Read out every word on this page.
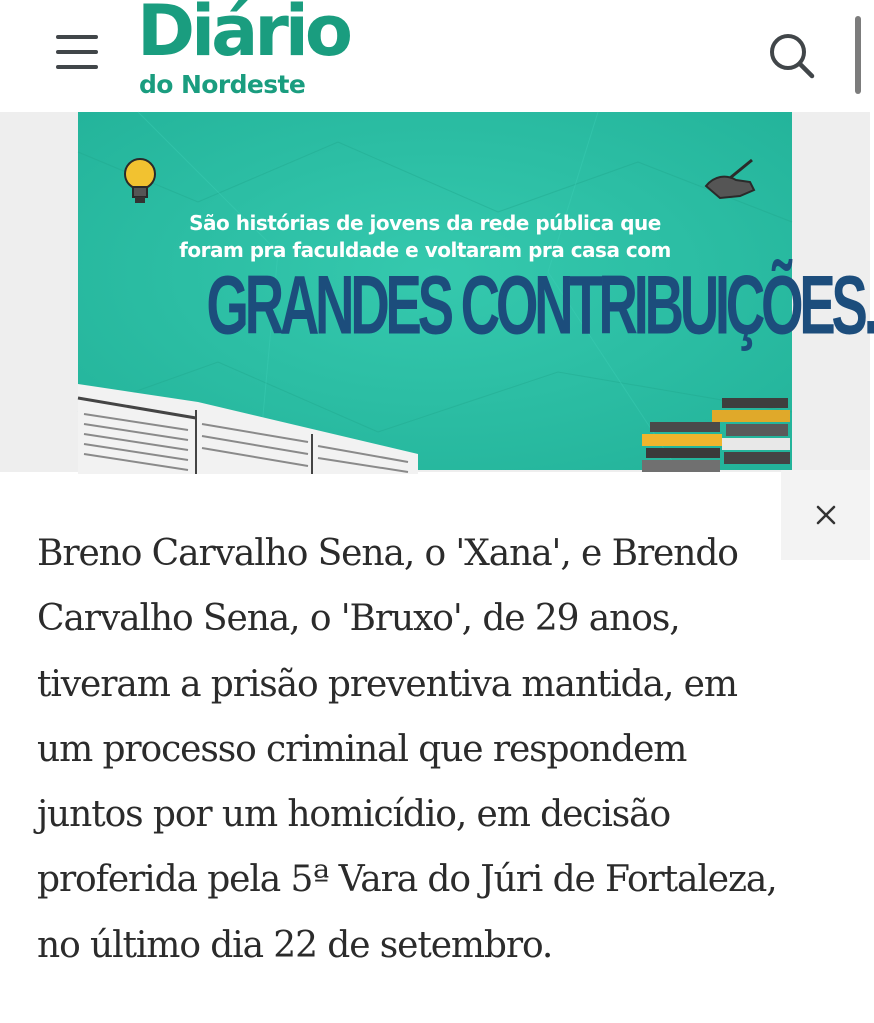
Diário
do Nordeste
São histórias de jovens da rede pública que
foram pra faculdade e voltaram pra casa com
GRANDES CONTRIBUIÇÕES.

Breno Carvalho Sena, o 'Xana', e Brendo
Carvalho Sena, o 'Bruxo', de 29 anos,
tiveram a prisão preventiva mantida, em
um processo criminal que respondem
juntos por um homicídio, em decisão
proferida pela 5ª Vara do Júri de Fortaleza,
no último dia 22 de setembro.
